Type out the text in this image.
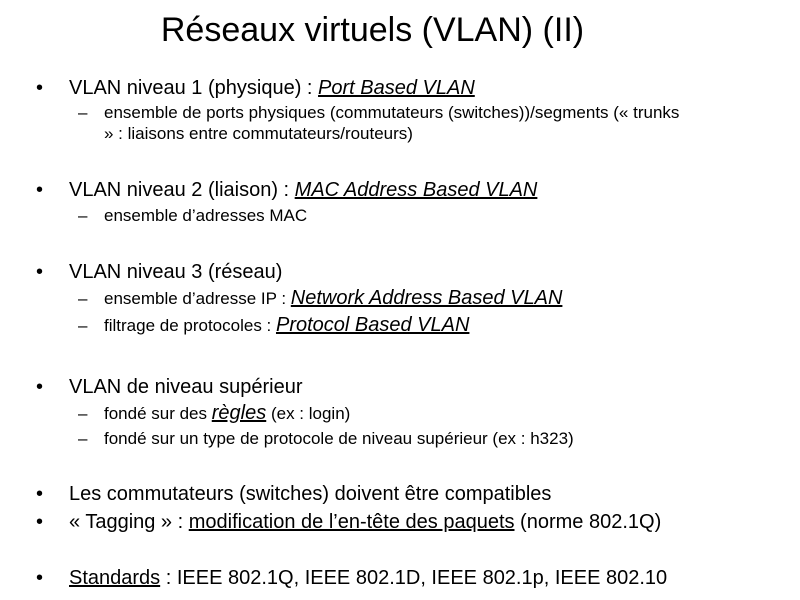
Réseaux virtuels (VLAN) (II)
•	VLAN niveau 1 (physique) : Port Based VLAN
– ensemble de ports physiques (commutateurs (switches))/segments (« trunks
» : liaisons entre commutateurs/routeurs)
•	VLAN niveau 2 (liaison) : MAC Address Based VLAN
– ensemble d’adresses MAC
•	VLAN niveau 3 (réseau)
– ensemble d’adresse IP : Network Address Based VLAN
– filtrage de protocoles : Protocol Based VLAN
•	VLAN de niveau supérieur
– fondé sur des règles (ex : login)
– fondé sur un type de protocole de niveau supérieur (ex : h323)
•	Les commutateurs (switches) doivent être compatibles
•	« Tagging » : modification de l’en-tête des paquets (norme 802.1Q)
•	Standards : IEEE 802.1Q, IEEE 802.1D, IEEE 802.1p, IEEE 802.10
